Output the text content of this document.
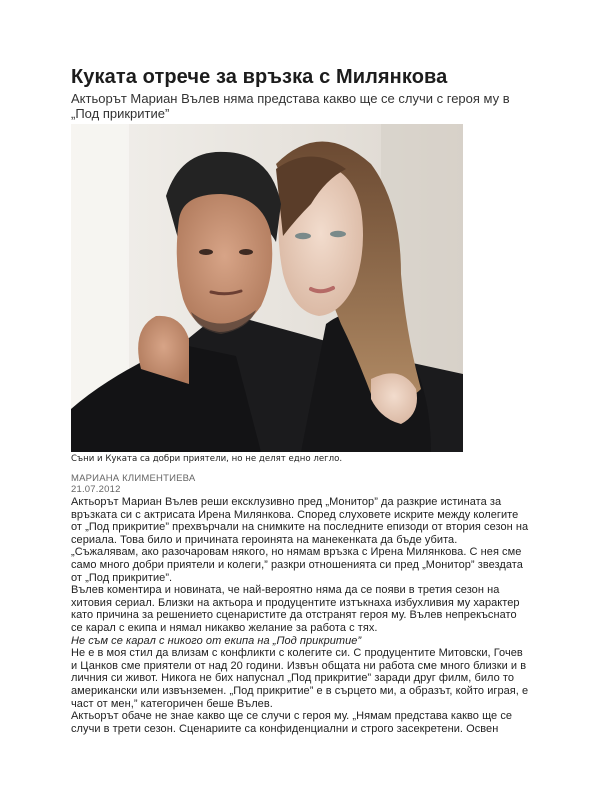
Куката отрече за връзка с Милянкова
Актьорът Мариан Вълев няма представа какво ще се случи с героя му в „Под прикритие”
Съни и Куката са добри приятели, но не делят едно легло.
МАРИАНА КЛИМЕНТИЕВА
21.07.2012

Актьорът Мариан Вълев реши ексклузивно пред „Монитор” да разкрие истината за връзката си с актрисата Ирена Милянкова. Според слуховете искрите между колегите от „Под прикритие” прехвърчали на снимките на последните епизоди от втория сезон на сериала. Това било и причината героинята на манекенката да бъде убита.

„Съжалявам, ако разочаровам някого, но нямам връзка с Ирена Милянкова. С нея сме само много добри приятели и колеги,” разкри отношенията си пред „Монитор” звездата от „Под прикритие”.

Вълев коментира и новината, че най-вероятно няма да се появи в третия сезон на хитовия сериал. Близки на актьора и продуцентите изтъкнаха избухливия му характер като причина за решението сценаристите да отстранят героя му. Вълев непрекъснато се карал с екипа и нямал никакво желание за работа с тях.

Не съм се карал с никого от екипа на „Под прикритие”

Не е в моя стил да влизам с конфликти с колегите си. С продуцентите Митовски, Гочев и Цанков сме приятели от над 20 години. Извън общата ни работа сме много близки и в личния си живот. Никога не бих напуснал „Под прикритие” заради друг филм, било то американски или извънземен. „Под прикритие” е в сърцето ми, а образът, който играя, е част от мен,” категоричен беше Вълев.

Актьорът обаче не знае какво ще се случи с героя му. „Нямам представа какво ще се случи в трети сезон. Сценариите са конфиденциални и строго засекретени. Освен
